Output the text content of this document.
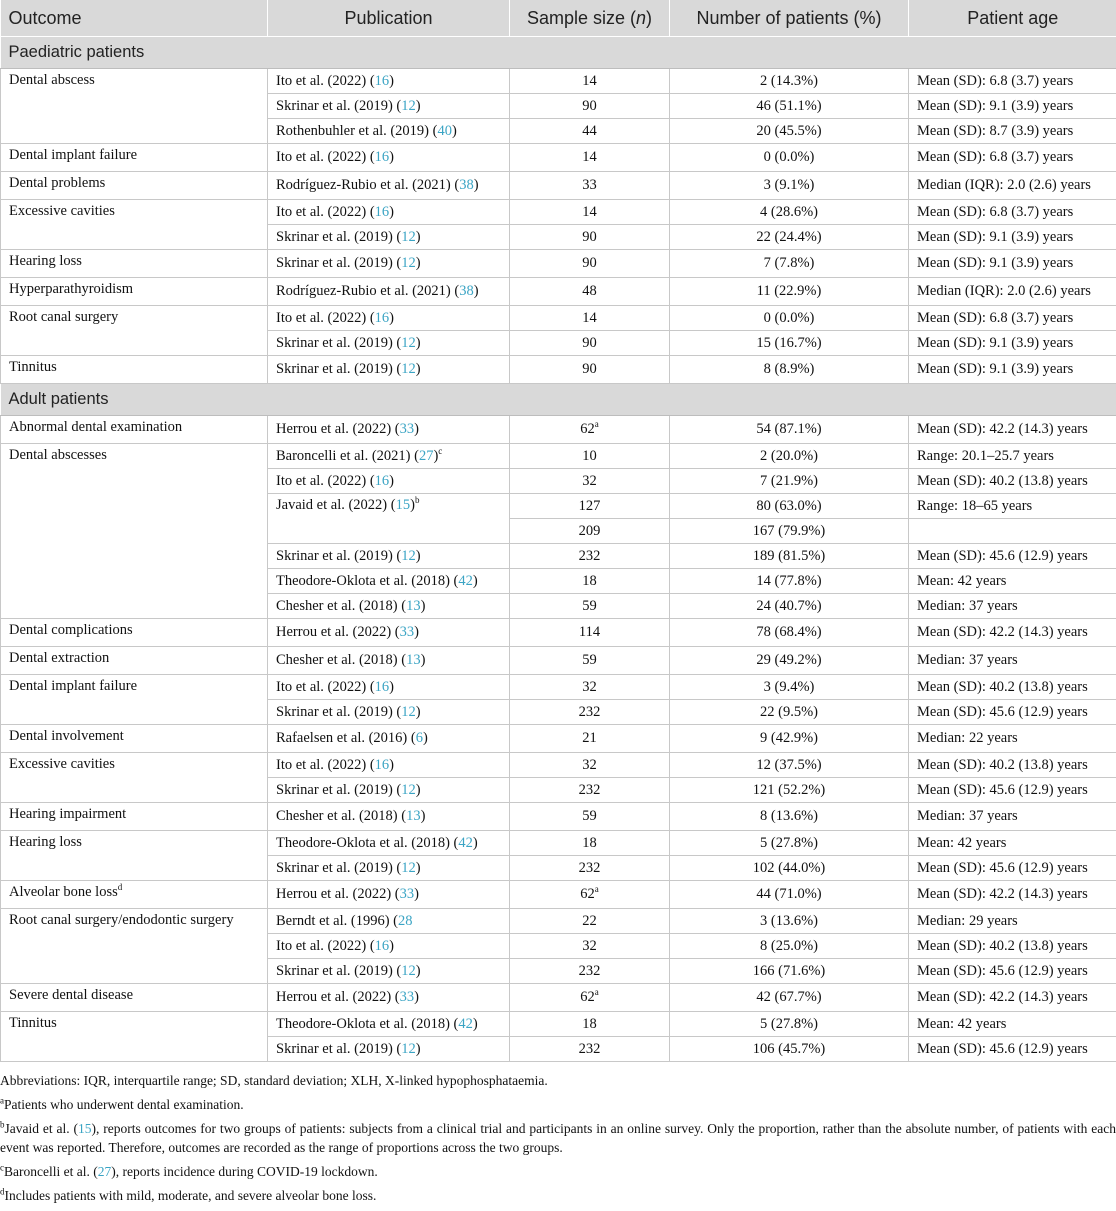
Outcome	Publication	Sample size (n)	Number of patients (%)	Patient age
Paediatric patients				
Dental abscess	Ito et al. (2022) (16)	14	2 (14.3%)	Mean (SD): 6.8 (3.7) years
	Skrinar et al. (2019) (12)	90	46 (51.1%)	Mean (SD): 9.1 (3.9) years
	Rothenbuhler et al. (2019) (40)	44	20 (45.5%)	Mean (SD): 8.7 (3.9) years
Dental implant failure	Ito et al. (2022) (16)	14	0 (0.0%)	Mean (SD): 6.8 (3.7) years
Dental problems	Rodríguez-Rubio et al. (2021) (38)	33	3 (9.1%)	Median (IQR): 2.0 (2.6) years
Excessive cavities	Ito et al. (2022) (16)	14	4 (28.6%)	Mean (SD): 6.8 (3.7) years
	Skrinar et al. (2019) (12)	90	22 (24.4%)	Mean (SD): 9.1 (3.9) years
Hearing loss	Skrinar et al. (2019) (12)	90	7 (7.8%)	Mean (SD): 9.1 (3.9) years
Hyperparathyroidism	Rodríguez-Rubio et al. (2021) (38)	48	11 (22.9%)	Median (IQR): 2.0 (2.6) years
Root canal surgery	Ito et al. (2022) (16)	14	0 (0.0%)	Mean (SD): 6.8 (3.7) years
	Skrinar et al. (2019) (12)	90	15 (16.7%)	Mean (SD): 9.1 (3.9) years
Tinnitus	Skrinar et al. (2019) (12)	90	8 (8.9%)	Mean (SD): 9.1 (3.9) years
Adult patients				
Abnormal dental examination	Herrou et al. (2022) (33)	62$^a$	54 (87.1%)	Mean (SD): 42.2 (14.3) years
Dental abscesses	Baroncelli et al. (2021) $(27)^c$	10	2 (20.0%)	Range: 20.1–25.7 years
	Ito et al. (2022) (16)	32	7 (21.9%)	Mean (SD): 40.2 (13.8) years
	Javaid et al. (2022) $(15)^b$	127	80 (63.0%)	Range: 18–65 years
		209	167 (79.9%)	
	Skrinar et al. (2019) (12)	232	189 (81.5%)	Mean (SD): 45.6 (12.9) years
	Theodore-Oklota et al. (2018) (42)	18	14 (77.8%)	Mean: 42 years
	Chesher et al. (2018) (13)	59	24 (40.7%)	Median: 37 years
Dental complications	Herrou et al. (2022) (33)	114	78 (68.4%)	Mean (SD): 42.2 (14.3) years
Dental extraction	Chesher et al. (2018) (13)	59	29 (49.2%)	Median: 37 years
Dental implant failure	Ito et al. (2022) (16)	32	3 (9.4%)	Mean (SD): 40.2 (13.8) years
	Skrinar et al. (2019) (12)	232	22 (9.5%)	Mean (SD): 45.6 (12.9) years
Dental involvement	Rafaelsen et al. (2016) (6)	21	9 (42.9%)	Median: 22 years
Excessive cavities	Ito et al. (2022) (16)	32	12 (37.5%)	Mean (SD): 40.2 (13.8) years
	Skrinar et al. (2019) (12)	232	121 (52.2%)	Mean (SD): 45.6 (12.9) years
Hearing impairment	Chesher et al. (2018) (13)	59	8 (13.6%)	Median: 37 years
Hearing loss	Theodore-Oklota et al. (2018) (42)	18	5 (27.8%)	Mean: 42 years
	Skrinar et al. (2019) (12)	232	102 (44.0%)	Mean (SD): 45.6 (12.9) years
Alveolar bone loss$^d$	Herrou et al. (2022) (33)	62$^a$	44 (71.0%)	Mean (SD): 42.2 (14.3) years
Root canal surgery/endodontic surgery	Berndt et al. (1996) (28	22	3 (13.6%)	Median: 29 years
	Ito et al. (2022) (16)	32	8 (25.0%)	Mean (SD): 40.2 (13.8) years
	Skrinar et al. (2019) (12)	232	166 (71.6%)	Mean (SD): 45.6 (12.9) years
Severe dental disease	Herrou et al. (2022) (33)	62$^a$	42 (67.7%)	Mean (SD): 42.2 (14.3) years
Tinnitus	Theodore-Oklota et al. (2018) (42)	18	5 (27.8%)	Mean: 42 years
	Skrinar et al. (2019) (12)	232	106 (45.7%)	Mean (SD): 45.6 (12.9) years

Abbreviations: IQR, interquartile range; SD, standard deviation; XLH, X-linked hypophosphataemia.

$^a$Patients who underwent dental examination.

$^b$Javaid et al. (15), reports outcomes for two groups of patients: subjects from a clinical trial and participants in an online survey. Only the proportion, rather than the absolute number, of patients with each event was reported. Therefore, outcomes are recorded as the range of proportions across the two groups.

$^c$Baroncelli et al. (27), reports incidence during COVID-19 lockdown.

$^d$Includes patients with mild, moderate, and severe alveolar bone loss.
